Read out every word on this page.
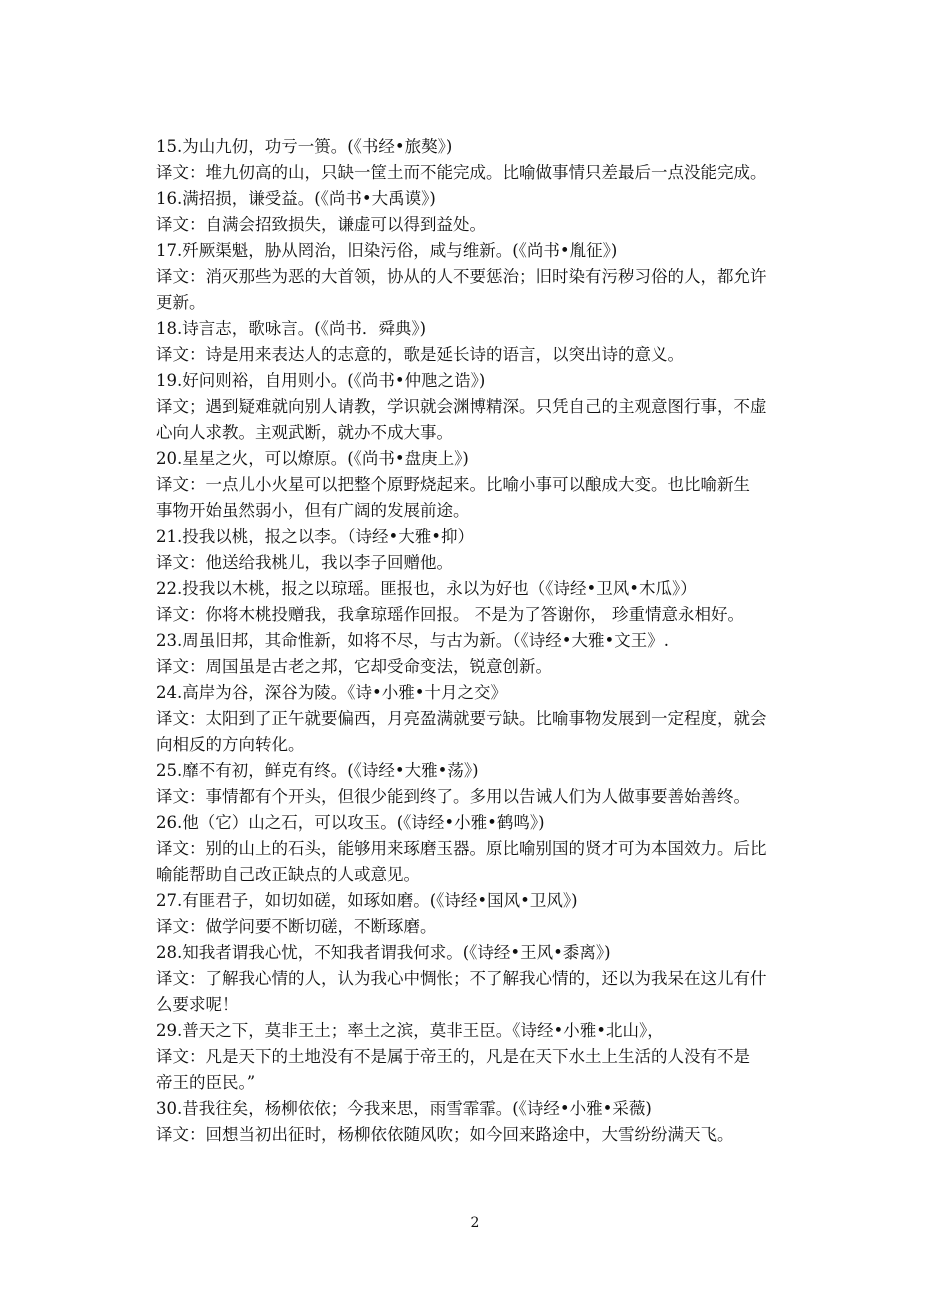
15.为山九仞，功亏一篑。(《书经•旅獒》)

译文：堆九仞高的山，只缺一筐土而不能完成。比喻做事情只差最后一点没能完成。

16.满招损，谦受益。(《尚书•大禹谟》)

译文：自满会招致损失，谦虚可以得到益处。

17.歼厥渠魁，胁从罔治，旧染污俗，咸与维新。(《尚书•胤征》)

译文：消灭那些为恶的大首领，协从的人不要惩治；旧时染有污秽习俗的人，都允许

更新。

18.诗言志，歌咏言。(《尚书．舜典》)

译文：诗是用来表达人的志意的，歌是延长诗的语言，以突出诗的意义。

19.好问则裕，自用则小。(《尚书•仲虺之诰》)

译文；遇到疑难就向别人请教，学识就会渊博精深。只凭自己的主观意图行事，不虚

心向人求教。主观武断，就办不成大事。

20.星星之火，可以燎原。(《尚书•盘庚上》)

译文：一点儿小火星可以把整个原野烧起来。比喻小事可以酿成大变。也比喻新生

事物开始虽然弱小，但有广阔的发展前途。

21.投我以桃，报之以李。（诗经•大雅•抑）

译文：他送给我桃儿，我以李子回赠他。

22.投我以木桃，报之以琼瑶。匪报也，永以为好也（《诗经•卫风•木瓜》）

译文：你将木桃投赠我，我拿琼瑶作回报。 不是为了答谢你， 珍重情意永相好。

23.周虽旧邦，其命惟新，如将不尽，与古为新。（《诗经•大雅•文王》.

译文：周国虽是古老之邦，它却受命变法，锐意创新。

24.高岸为谷，深谷为陵。《诗•小雅•十月之交》

译文：太阳到了正午就要偏西，月亮盈满就要亏缺。比喻事物发展到一定程度，就会

向相反的方向转化。

25.靡不有初，鲜克有终。(《诗经•大雅•荡》)

译文：事情都有个开头，但很少能到终了。多用以告诫人们为人做事要善始善终。

26.他（它）山之石，可以攻玉。(《诗经•小雅•鹤鸣》)

译文：别的山上的石头，能够用来琢磨玉器。原比喻别国的贤才可为本国效力。后比

喻能帮助自己改正缺点的人或意见。

27.有匪君子，如切如磋，如琢如磨。(《诗经•国风•卫风》)

译文：做学问要不断切磋，不断琢磨。

28.知我者谓我心忧，不知我者谓我何求。(《诗经•王风•黍离》)

译文：了解我心情的人，认为我心中惆怅；不了解我心情的，还以为我呆在这儿有什

么要求呢！

29.普天之下，莫非王土；率土之滨，莫非王臣。《诗经•小雅•北山》，

译文：凡是天下的土地没有不是属于帝王的，凡是在天下水土上生活的人没有不是

帝王的臣民。”

30.昔我往矣，杨柳依依；今我来思，雨雪霏霏。(《诗经•小雅•采薇)

译文：回想当初出征时，杨柳依依随风吹；如今回来路途中，大雪纷纷满天飞。

2
